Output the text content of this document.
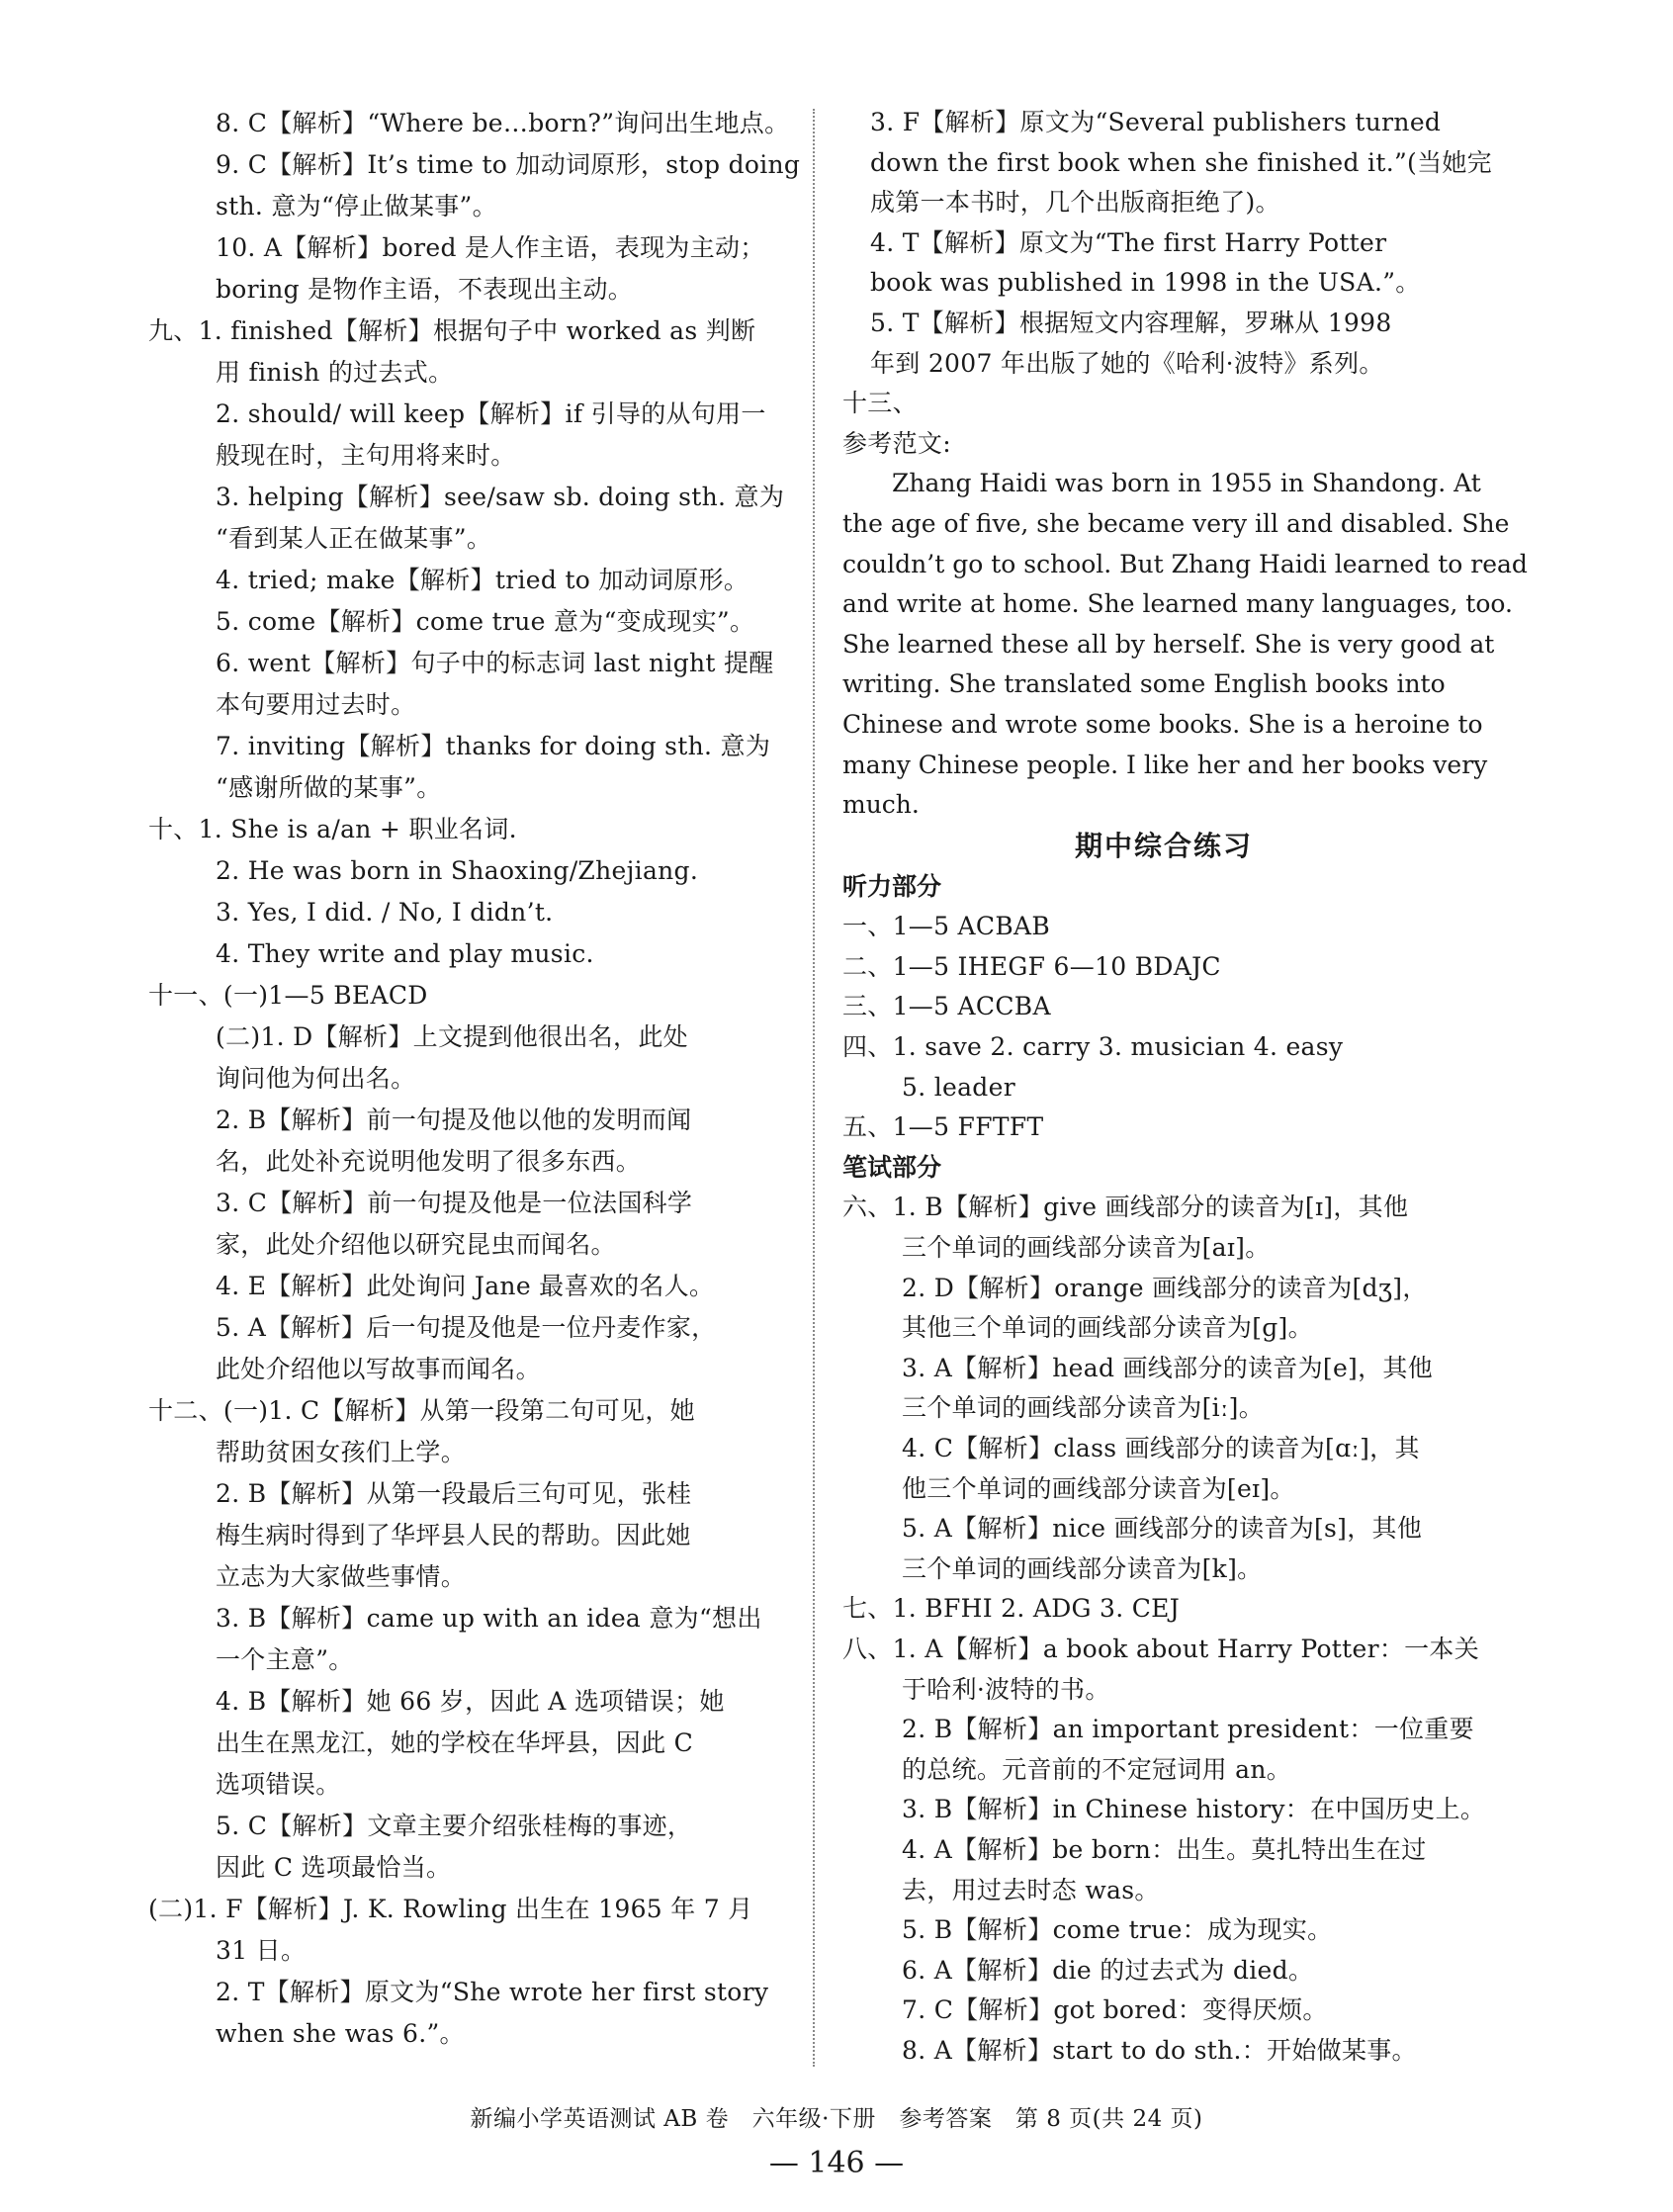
8. C【解析】“Where be…born?”询问出生地点。
9. C【解析】It’s time to 加动词原形，stop doing
sth. 意为“停止做某事”。
10. A【解析】bored 是人作主语，表现为主动；
boring 是物作主语，不表现出主动。
九、1. finished【解析】根据句子中 worked as 判断
用 finish 的过去式。
2. should/ will keep【解析】if 引导的从句用一
般现在时，主句用将来时。
3. helping【解析】see/saw sb. doing sth. 意为
“看到某人正在做某事”。
4. tried; make【解析】tried to 加动词原形。
5. come【解析】come true 意为“变成现实”。
6. went【解析】句子中的标志词 last night 提醒
本句要用过去时。
7. inviting【解析】thanks for doing sth. 意为
“感谢所做的某事”。
十、1. She is a/an + 职业名词.
2. He was born in Shaoxing/Zhejiang.
3. Yes, I did. / No, I didn’t.
4. They write and play music.
十一、(一)1—5 BEACD
(二)1. D【解析】上文提到他很出名，此处
询问他为何出名。
2. B【解析】前一句提及他以他的发明而闻
名，此处补充说明他发明了很多东西。
3. C【解析】前一句提及他是一位法国科学
家，此处介绍他以研究昆虫而闻名。
4. E【解析】此处询问 Jane 最喜欢的名人。
5. A【解析】后一句提及他是一位丹麦作家，
此处介绍他以写故事而闻名。
十二、(一)1. C【解析】从第一段第二句可见，她
帮助贫困女孩们上学。
2. B【解析】从第一段最后三句可见，张桂
梅生病时得到了华坪县人民的帮助。因此她
立志为大家做些事情。
3. B【解析】came up with an idea 意为“想出
一个主意”。
4. B【解析】她 66 岁，因此 A 选项错误；她
出生在黑龙江，她的学校在华坪县，因此 C
选项错误。
5. C【解析】文章主要介绍张桂梅的事迹，
因此 C 选项最恰当。
(二)1. F【解析】J. K. Rowling 出生在 1965 年 7 月
31 日。
2. T【解析】原文为“She wrote her first story
when she was 6.”。
3. F【解析】原文为“Several publishers turned
down the first book when she finished it.”(当她完
成第一本书时，几个出版商拒绝了)。
4. T【解析】原文为“The first Harry Potter
book was published in 1998 in the USA.”。
5. T【解析】根据短文内容理解，罗琳从 1998
年到 2007 年出版了她的《哈利·波特》系列。
十三、
参考范文:
　　Zhang Haidi was born in 1955 in Shandong. At
the age of five, she became very ill and disabled. She
couldn’t go to school. But Zhang Haidi learned to read
and write at home. She learned many languages, too.
She learned these all by herself. She is very good at
writing. She translated some English books into
Chinese and wrote some books. She is a heroine to
many Chinese people. I like her and her books very
much.
期中综合练习
听力部分
一、1—5 ACBAB
二、1—5 IHEGF 6—10 BDAJC
三、1—5 ACCBA
四、1. save 2. carry 3. musician 4. easy
5. leader
五、1—5 FFTFT
笔试部分
六、1. B【解析】give 画线部分的读音为[ɪ]，其他
三个单词的画线部分读音为[aɪ]。
2. D【解析】orange 画线部分的读音为[dʒ]，
其他三个单词的画线部分读音为[ɡ]。
3. A【解析】head 画线部分的读音为[e]，其他
三个单词的画线部分读音为[iː]。
4. C【解析】class 画线部分的读音为[ɑː]，其
他三个单词的画线部分读音为[eɪ]。
5. A【解析】nice 画线部分的读音为[s]，其他
三个单词的画线部分读音为[k]。
七、1. BFHI 2. ADG 3. CEJ
八、1. A【解析】a book about Harry Potter：一本关
于哈利·波特的书。
2. B【解析】an important president：一位重要
的总统。元音前的不定冠词用 an。
3. B【解析】in Chinese history：在中国历史上。
4. A【解析】be born：出生。莫扎特出生在过
去，用过去时态 was。
5. B【解析】come true：成为现实。
6. A【解析】die 的过去式为 died。
7. C【解析】got bored：变得厌烦。
8. A【解析】start to do sth.：开始做某事。
新编小学英语测试 AB 卷　六年级·下册　参考答案　第 8 页(共 24 页)
— 146 —
